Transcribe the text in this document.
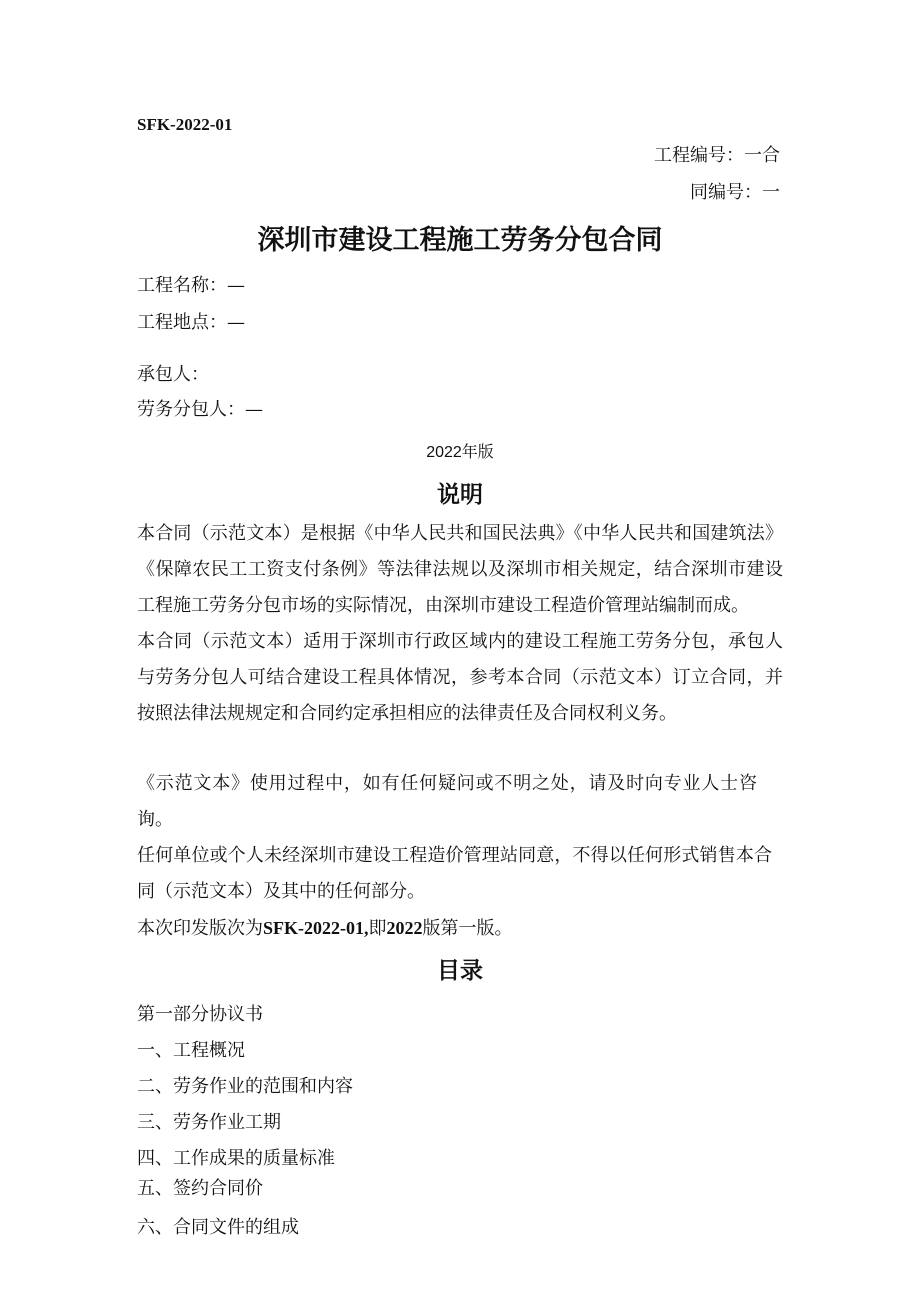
SFK-2022-01

工程编号：一合

同编号：一

深圳市建设工程施工劳务分包合同

工程名称：—

工程地点：—

承包人：

劳务分包人：—

2022年版

说明

本合同（示范文本）是根据《中华人民共和国民法典》《中华人民共和国建筑法》《保障农民工工资支付条例》等法律法规以及深圳市相关规定，结合深圳市建设工程施工劳务分包市场的实际情况，由深圳市建设工程造价管理站编制而成。

本合同（示范文本）适用于深圳市行政区域内的建设工程施工劳务分包，承包人与劳务分包人可结合建设工程具体情况，参考本合同（示范文本）订立合同，并按照法律法规规定和合同约定承担相应的法律责任及合同权利义务。

《示范文本》使用过程中，如有任何疑问或不明之处，请及时向专业人士咨询。

任何单位或个人未经深圳市建设工程造价管理站同意，不得以任何形式销售本合同（示范文本）及其中的任何部分。

本次印发版次为SFK-2022-01,即2022版第一版。

目录

第一部分协议书

一、工程概况

二、劳务作业的范围和内容

三、劳务作业工期

四、工作成果的质量标准

五、签约合同价

六、合同文件的组成
